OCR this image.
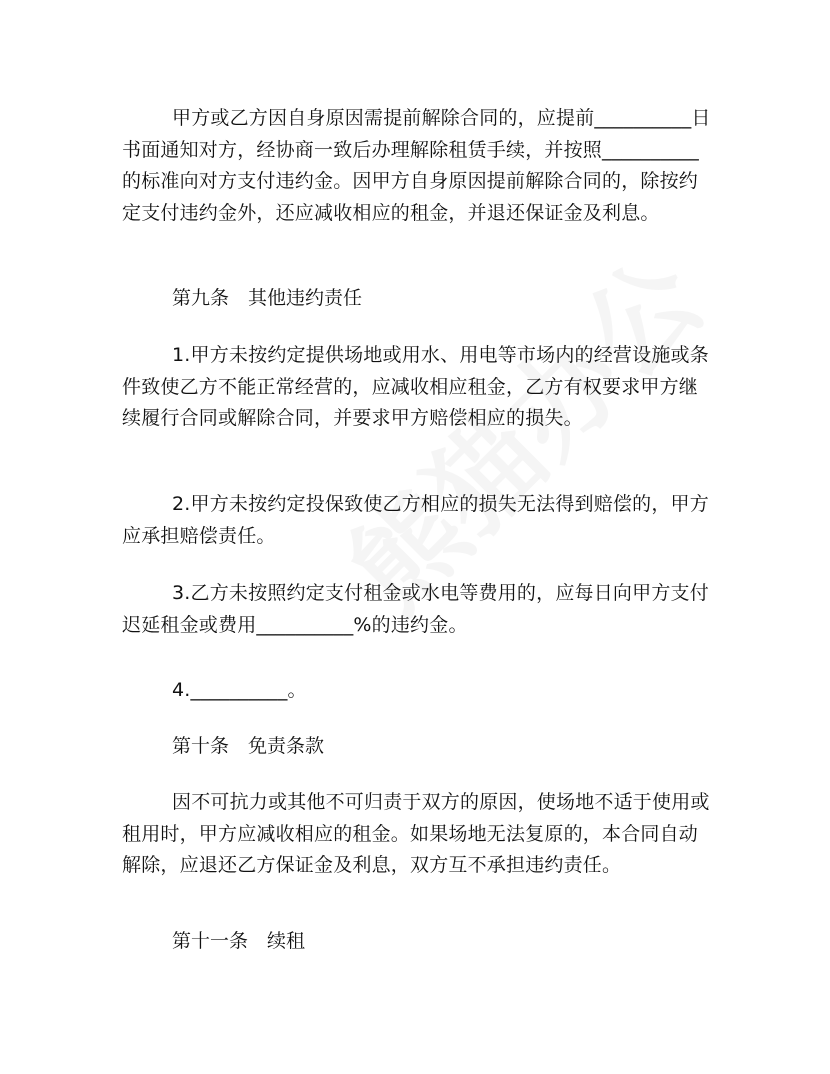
甲方或乙方因自身原因需提前解除合同的，应提前__________日书面通知对方，经协商一致后办理解除租赁手续，并按照__________的标准向对方支付违约金。因甲方自身原因提前解除合同的，除按约定支付违约金外，还应减收相应的租金，并退还保证金及利息。

第九条　其他违约责任

1.甲方未按约定提供场地或用水、用电等市场内的经营设施或条件致使乙方不能正常经营的，应减收相应租金，乙方有权要求甲方继续履行合同或解除合同，并要求甲方赔偿相应的损失。

2.甲方未按约定投保致使乙方相应的损失无法得到赔偿的，甲方应承担赔偿责任。

3.乙方未按照约定支付租金或水电等费用的，应每日向甲方支付迟延租金或费用__________%的违约金。

4.__________。

第十条　免责条款

因不可抗力或其他不可归责于双方的原因，使场地不适于使用或租用时，甲方应减收相应的租金。如果场地无法复原的，本合同自动解除，应退还乙方保证金及利息，双方互不承担违约责任。

第十一条　续租
